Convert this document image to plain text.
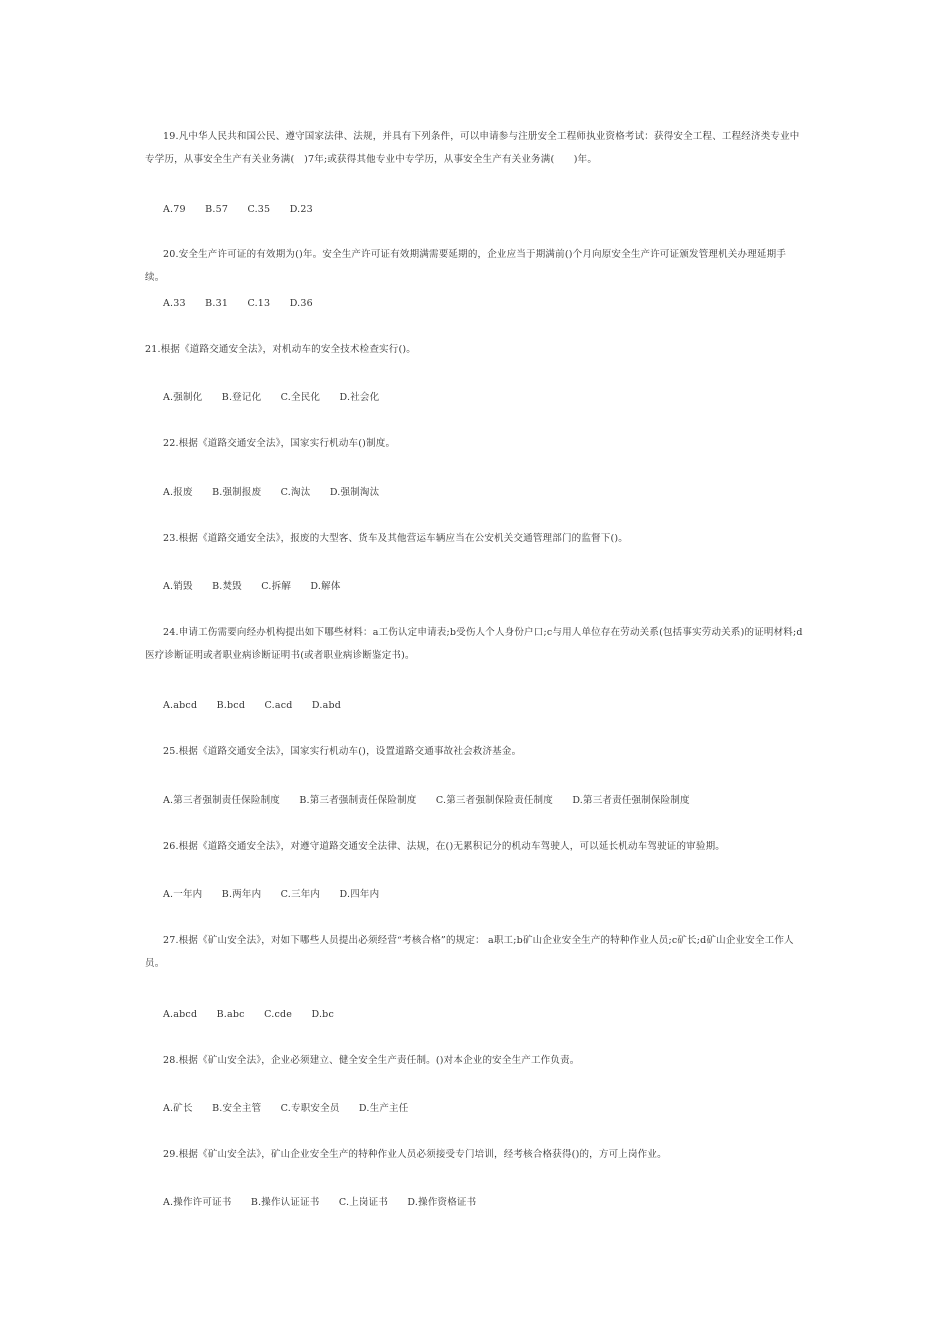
19.凡中华人民共和国公民、遵守国家法律、法规，并具有下列条件，可以申请参与注册安全工程师执业资格考试：获得安全工程、工程经济类专业中专学历，从事安全生产有关业务满(　)7年;或获得其他专业中专学历，从事安全生产有关业务满(　　)年。
A.79　　B.57　　C.35　　D.23
20.安全生产许可证的有效期为()年。安全生产许可证有效期满需要延期的，企业应当于期满前()个月向原安全生产许可证颁发管理机关办理延期手续。
A.33　　B.31　　C.13　　D.36
21.根据《道路交通安全法》，对机动车的安全技术检查实行()。
A.强制化　　B.登记化　　C.全民化　　D.社会化
22.根据《道路交通安全法》，国家实行机动车()制度。
A.报废　　B.强制报废　　C.淘汰　　D.强制淘汰
23.根据《道路交通安全法》，报废的大型客、货车及其他营运车辆应当在公安机关交通管理部门的监督下()。
A.销毁　　B.焚毁　　C.拆解　　D.解体
24.申请工伤需要向经办机构提出如下哪些材料：a工伤认定申请表;b受伤人个人身份户口;c与用人单位存在劳动关系(包括事实劳动关系)的证明材料;d医疗诊断证明或者职业病诊断证明书(或者职业病诊断鉴定书)。
A.abcd　　B.bcd　　C.acd　　D.abd
25.根据《道路交通安全法》，国家实行机动车()，设置道路交通事故社会救济基金。
A.第三者强制责任保险制度　　B.第三者强制责任保险制度　　C.第三者强制保险责任制度　　D.第三者责任强制保险制度
26.根据《道路交通安全法》，对遵守道路交通安全法律、法规，在()无累积记分的机动车驾驶人，可以延长机动车驾驶证的审验期。
A.一年内　　B.两年内　　C.三年内　　D.四年内
27.根据《矿山安全法》，对如下哪些人员提出必须经营“考核合格”的规定： a职工;b矿山企业安全生产的特种作业人员;c矿长;d矿山企业安全工作人员。
A.abcd　　B.abc　　C.cde　　D.bc
28.根据《矿山安全法》，企业必须建立、健全安全生产责任制。()对本企业的安全生产工作负责。
A.矿长　　B.安全主管　　C.专职安全员　　D.生产主任
29.根据《矿山安全法》，矿山企业安全生产的特种作业人员必须接受专门培训，经考核合格获得()的，方可上岗作业。
A.操作许可证书　　B.操作认证证书　　C.上岗证书　　D.操作资格证书
